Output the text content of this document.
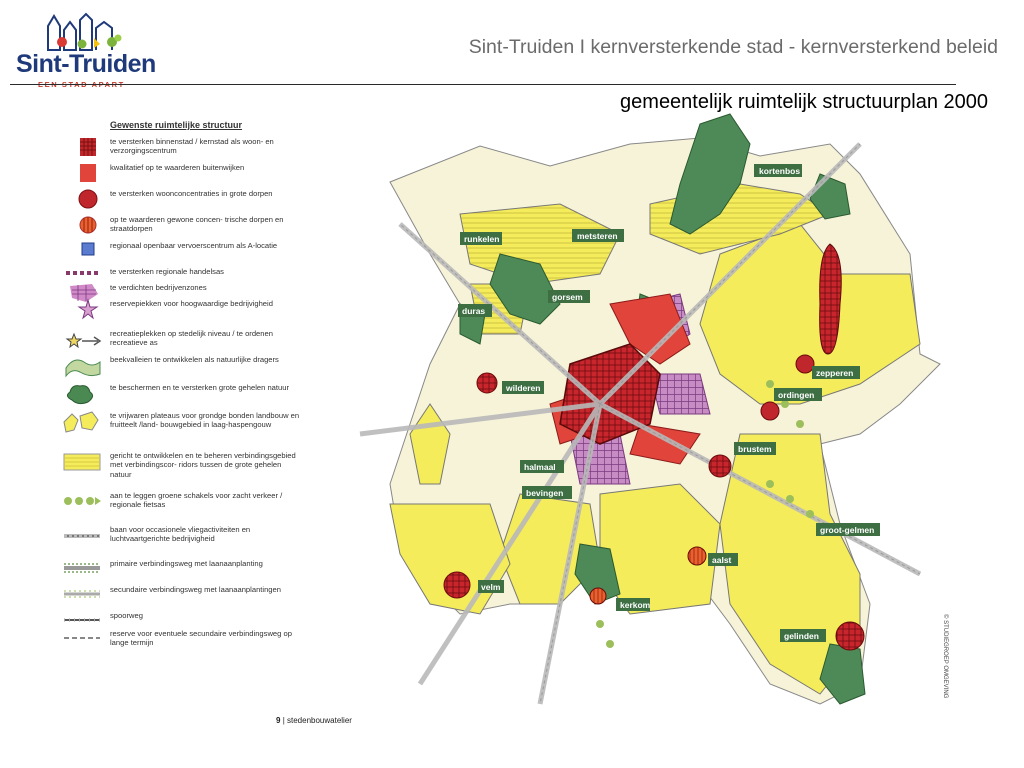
Sint-Truiden
Sint-Truiden I kernversterkende stad - kernversterkend beleid
gemeentelijk ruimtelijk structuurplan 2000
Gewenste ruimtelijke structuur
te versterken binnenstad / kernstad als woon- en verzorgingscentrum
kwalitatief op te waarderen buitenwijken
te versterken woonconcentraties in grote dorpen
op te waarderen gewone concen- trische dorpen en straatdorpen
regionaal openbaar vervoerscentrum als A-locatie
te versterken regionale handelsas
te verdichten bedrijvenzones
reservepiekken voor hoogwaardige bedrijvigheid
recreatieplekken op stedelijk niveau / te ordenen recreatieve as
beekvalleien te ontwikkelen als natuurlijke dragers
te beschermen en te versterken grote gehelen natuur
te vrijwaren plateaus voor grondge bonden landbouw en fruitteelt /land- bouwgebied in laag-haspengouw
gericht te ontwikkelen en te beheren verbindingsgebied met verbindingscor- ridors tussen de grote gehelen natuur
aan te leggen groene schakels voor zacht verkeer / regionale fietsas
baan voor occasionele vliegactiviteiten en luchtvaartgerichte bedrijvigheid
primaire verbindingsweg met laanaanplanting
secundaire verbindingsweg met laanaanplantingen
spoorweg
reserve voor eventuele secundaire verbindingsweg op lange termijn
kortenbos
runkelen	metsteren
gorsem
duras
wilderen
zepperen
ordingen
brustem
halmaal
bevingen
groot-gelmen
aalst
velm
kerkom
gelinden
9 | stedenbouwatelier
© STUDIEGROEP OMGEVING
